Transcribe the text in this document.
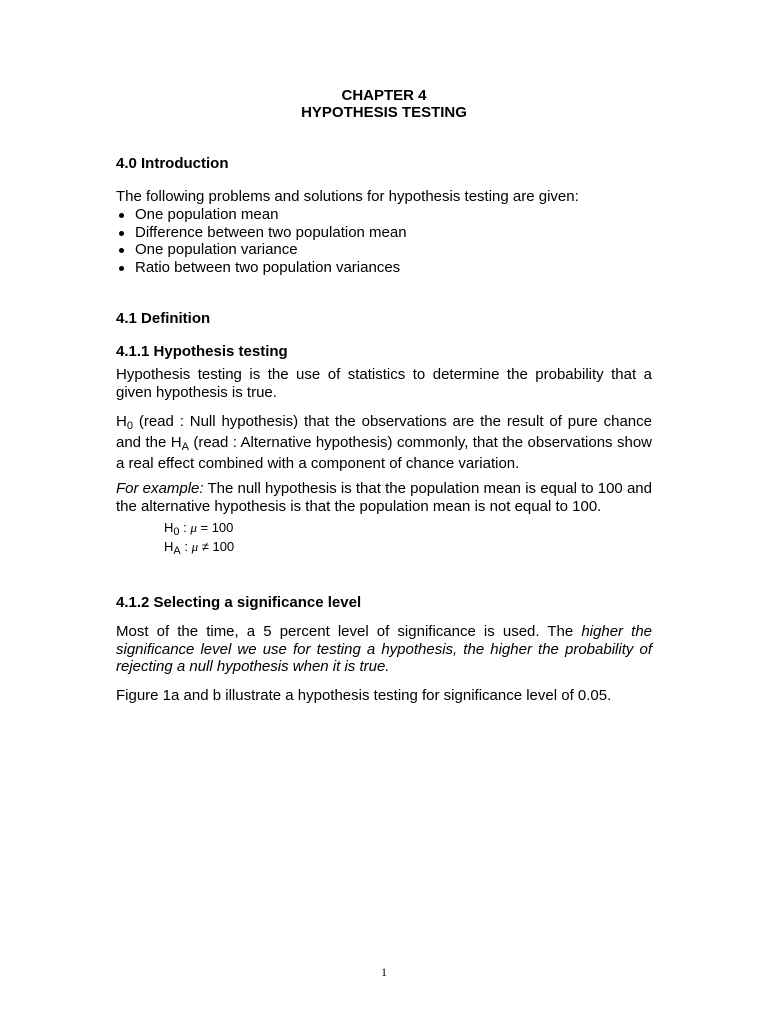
CHAPTER 4
HYPOTHESIS TESTING
4.0 Introduction
The following problems and solutions for hypothesis testing are given:
One population mean
Difference between two population mean
One population variance
Ratio between two population variances
4.1 Definition
4.1.1 Hypothesis testing
Hypothesis testing is the use of statistics to determine the probability that a given hypothesis is true.
$H_0$ (read : Null hypothesis) that the observations are the result of pure chance and the $H_A$ (read : Alternative hypothesis) commonly, that the observations show a real effect combined with a component of chance variation.
For example: The null hypothesis is that the population mean is equal to 100 and the alternative hypothesis is that the population mean is not equal to 100.
$H_0$ : μ = 100
$H_A$ : μ ≠ 100
4.1.2 Selecting a significance level
Most of the time, a 5 percent level of significance is used. The higher the significance level we use for testing a hypothesis, the higher the probability of rejecting a null hypothesis when it is true.
Figure 1a and b illustrate a hypothesis testing for significance level of 0.05.
1
